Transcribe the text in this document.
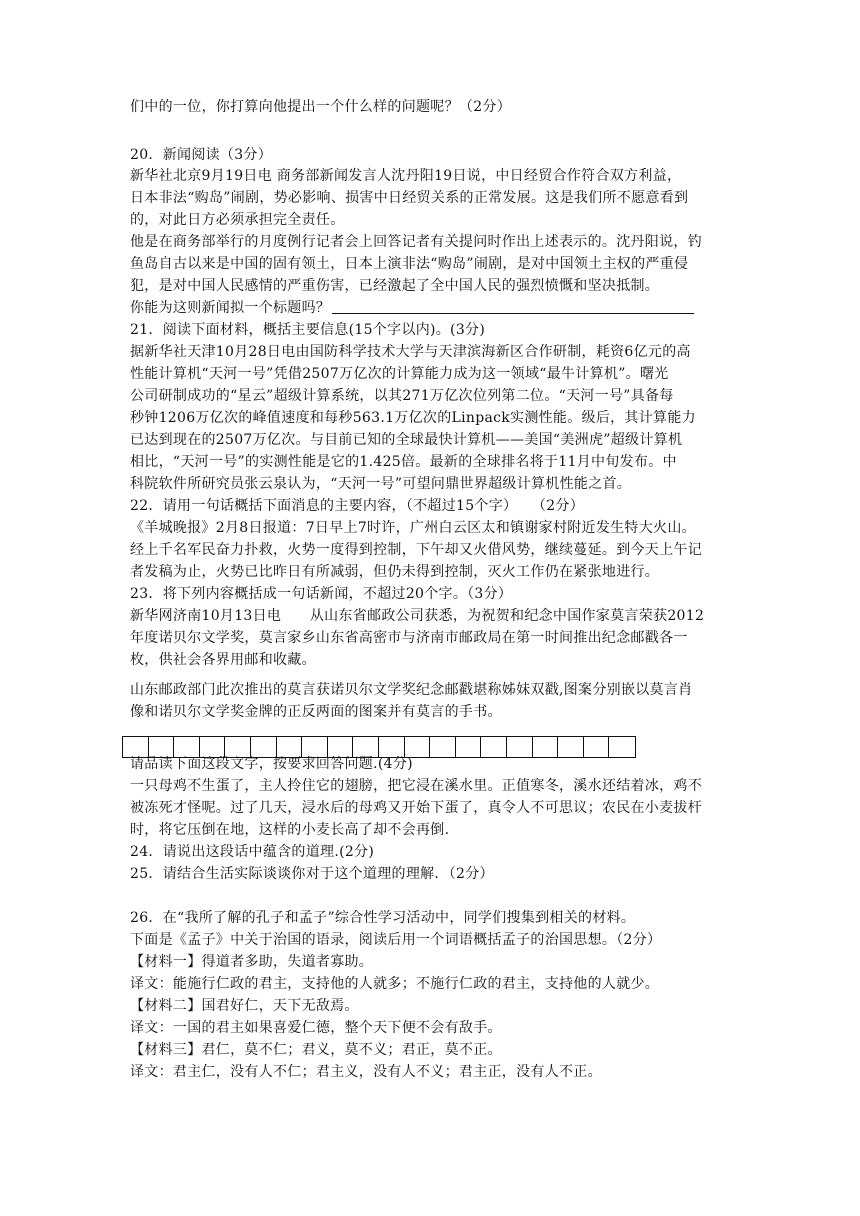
们中的一位，你打算向他提出一个什么样的问题呢？（2分）
20．新闻阅读（3分）
新华社北京9月19日电 商务部新闻发言人沈丹阳19日说，中日经贸合作符合双方利益，
日本非法“购岛”闹剧，势必影响、损害中日经贸关系的正常发展。这是我们所不愿意看到
的，对此日方必须承担完全责任。
他是在商务部举行的月度例行记者会上回答记者有关提问时作出上述表示的。沈丹阳说，钓
鱼岛自古以来是中国的固有领土，日本上演非法“购岛”闹剧，是对中国领土主权的严重侵
犯，是对中国人民感情的严重伤害，已经激起了全中国人民的强烈愤慨和坚决抵制。
你能为这则新闻拟一个标题吗？
21．阅读下面材料，概括主要信息(15个字以内)。(3分)
据新华社天津10月28日电由国防科学技术大学与天津滨海新区合作研制，耗资6亿元的高
性能计算机“天河一号”凭借2507万亿次的计算能力成为这一领域“最牛计算机”。曙光
公司研制成功的“星云”超级计算系统，以其271万亿次位列第二位。“天河一号”具备每
秒钟1206万亿次的峰值速度和每秒563.1万亿次的Linpack实测性能。级后，其计算能力
已达到现在的2507万亿次。与目前已知的全球最快计算机——美国“美洲虎”超级计算机
相比，“天河一号”的实测性能是它的1.425倍。最新的全球排名将于11月中旬发布。中
科院软件所研究员张云泉认为，“天河一号”可望问鼎世界超级计算机性能之首。
22．请用一句话概括下面消息的主要内容，（不超过15个字）　　（2分）
《羊城晚报》2月8日报道：7日早上7时许，广州白云区太和镇谢家村附近发生特大火山。
经上千名军民奋力扑救，火势一度得到控制，下午却又火借风势，继续蔓延。到今天上午记
者发稿为止，火势已比昨日有所减弱，但仍未得到控制，灭火工作仍在紧张地进行。
23．将下列内容概括成一句话新闻，不超过20个字。（3分）
新华网济南10月13日电　　从山东省邮政公司获悉，为祝贺和纪念中国作家莫言荣获2012
年度诺贝尔文学奖，莫言家乡山东省高密市与济南市邮政局在第一时间推出纪念邮戳各一
枚，供社会各界用邮和收藏。
山东邮政部门此次推出的莫言获诺贝尔文学奖纪念邮戳堪称姊妹双戳,图案分别嵌以莫言肖
像和诺贝尔文学奖金牌的正反两面的图案并有莫言的手书。
请品读下面这段文字，按要求回答问题.(4分)
一只母鸡不生蛋了，主人拎住它的翅膀，把它浸在溪水里。正值寒冬，溪水还结着冰，鸡不
被冻死才怪呢。过了几天，浸水后的母鸡又开始下蛋了，真令人不可思议；农民在小麦拔杆
时，将它压倒在地，这样的小麦长高了却不会再倒.
24．请说出这段话中蕴含的道理.(2分)
25．请结合生活实际谈谈你对于这个道理的理解．（2分）
26．在“我所了解的孔子和孟子”综合性学习活动中，同学们搜集到相关的材料。
下面是《孟子》中关于治国的语录，阅读后用一个词语概括孟子的治国思想。（2分）
【材料一】得道者多助，失道者寡助。
译文：能施行仁政的君主，支持他的人就多；不施行仁政的君主，支持他的人就少。
【材料二】国君好仁，天下无敌焉。
译文：一国的君主如果喜爱仁德，整个天下便不会有敌手。
【材料三】君仁，莫不仁；君义，莫不义；君正，莫不正。
译文：君主仁，没有人不仁；君主义，没有人不义；君主正，没有人不正。
